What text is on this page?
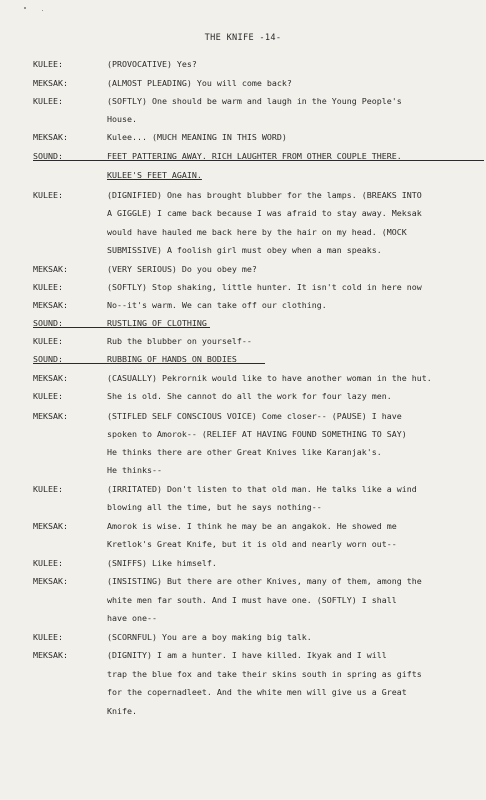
THE KNIFE -14-
KULEE:	(PROVOCATIVE) Yes?
MEKSAK:	(ALMOST PLEADING) You will come back?
KULEE:	(SOFTLY) One should be warm and laugh in the Young People's
House.
MEKSAK:	Kulee... (MUCH MEANING IN THIS WORD)
SOUND:	FEET PATTERING AWAY. RICH LAUGHTER FROM OTHER COUPLE THERE.
KULEE'S FEET AGAIN.
KULEE:	(DIGNIFIED) One has brought blubber for the lamps. (BREAKS INTO
A GIGGLE) I came back because I was afraid to stay away. Meksak
would have hauled me back here by the hair on my head. (MOCK
SUBMISSIVE) A foolish girl must obey when a man speaks.
MEKSAK:	(VERY SERIOUS) Do you obey me?
KULEE:	(SOFTLY) Stop shaking, little hunter. It isn't cold in here now
MEKSAK:	No--it's warm. We can take off our clothing.
SOUND:	RUSTLING OF CLOTHING
KULEE:	Rub the blubber on yourself--
SOUND:	RUBBING OF HANDS ON BODIES
MEKSAK:	(CASUALLY) Pekrornik would like to have another woman in the hut.
KULEE:	She is old. She cannot do all the work for four lazy men.
MEKSAK:	(STIFLED SELF CONSCIOUS VOICE) Come closer-- (PAUSE) I have
spoken to Amorok-- (RELIEF AT HAVING FOUND SOMETHING TO SAY)
He thinks there are other Great Knives like Karanjak's.
He thinks--
KULEE:	(IRRITATED) Don't listen to that old man. He talks like a wind
blowing all the time, but he says nothing--
MEKSAK:	Amorok is wise. I think he may be an angakok. He showed me
Kretlok's Great Knife, but it is old and nearly worn out--
KULEE:	(SNIFFS) Like himself.
MEKSAK:	(INSISTING) But there are other Knives, many of them, among the
white men far south. And I must have one. (SOFTLY) I shall
have one--
KULEE:	(SCORNFUL) You are a boy making big talk.
MEKSAK:	(DIGNITY) I am a hunter. I have killed. Ikyak and I will
trap the blue fox and take their skins south in spring as gifts
for the copernadleet. And the white men will give us a Great
Knife.
